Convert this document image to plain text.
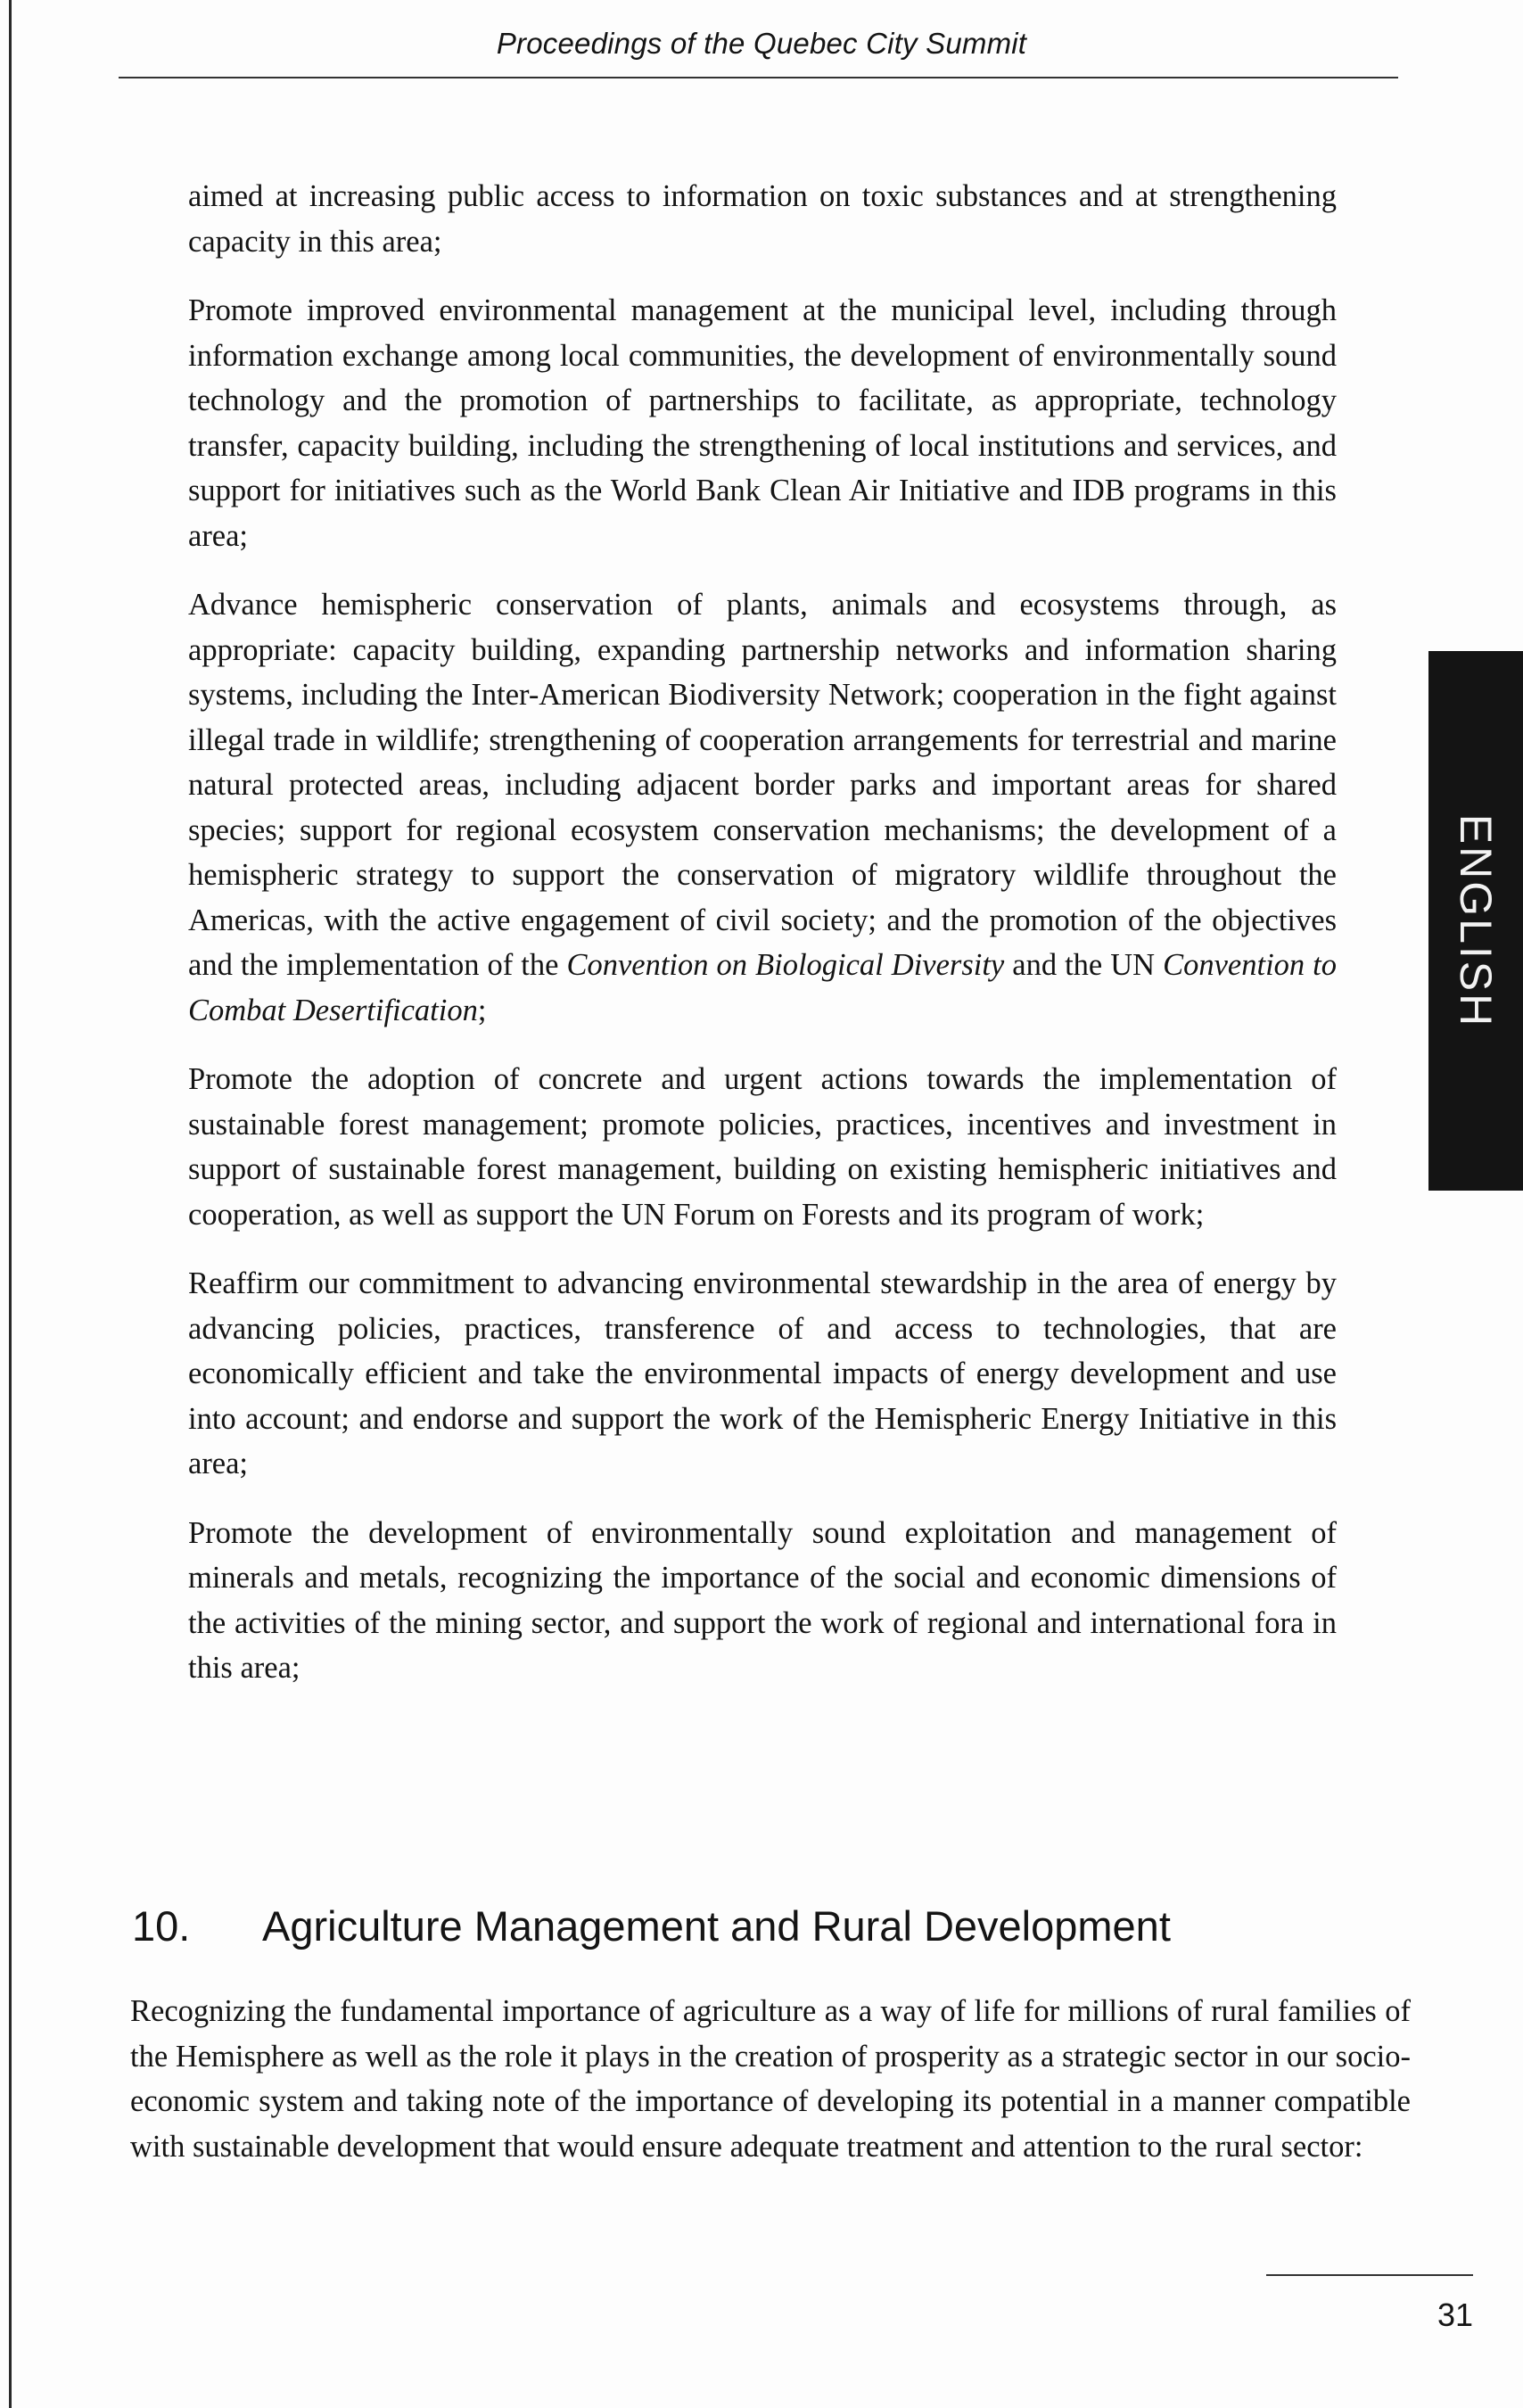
Proceedings of the Quebec City Summit

aimed at increasing public access to information on toxic substances and at strengthening capacity in this area;

Promote improved environmental management at the municipal level, including through information exchange among local communities, the development of environmentally sound technology and the promotion of partnerships to facilitate, as appropriate, technology transfer, capacity building, including the strengthening of local institutions and services, and support for initiatives such as the World Bank Clean Air Initiative and IDB programs in this area;

Advance hemispheric conservation of plants, animals and ecosystems through, as appropriate: capacity building, expanding partnership networks and information sharing systems, including the Inter-American Biodiversity Network; cooperation in the fight against illegal trade in wildlife; strengthening of cooperation arrangements for terrestrial and marine natural protected areas, including adjacent border parks and important areas for shared species; support for regional ecosystem conservation mechanisms; the development of a hemispheric strategy to support the conservation of migratory wildlife throughout the Americas, with the active engagement of civil society; and the promotion of the objectives and the implementation of the Convention on Biological Diversity and the UN Convention to Combat Desertification;

Promote the adoption of concrete and urgent actions towards the implementation of sustainable forest management; promote policies, practices, incentives and investment in support of sustainable forest management, building on existing hemispheric initiatives and cooperation, as well as support the UN Forum on Forests and its program of work;

Reaffirm our commitment to advancing environmental stewardship in the area of energy by advancing policies, practices, transference of and access to technologies, that are economically efficient and take the environmental impacts of energy development and use into account; and endorse and support the work of the Hemispheric Energy Initiative in this area;

Promote the development of environmentally sound exploitation and management of minerals and metals, recognizing the importance of the social and economic dimensions of the activities of the mining sector, and support the work of regional and international fora in this area;

10. Agriculture Management and Rural Development

Recognizing the fundamental importance of agriculture as a way of life for millions of rural families of the Hemisphere as well as the role it plays in the creation of prosperity as a strategic sector in our socio-economic system and taking note of the importance of developing its potential in a manner compatible with sustainable development that would ensure adequate treatment and attention to the rural sector:

ENGLISH
31
